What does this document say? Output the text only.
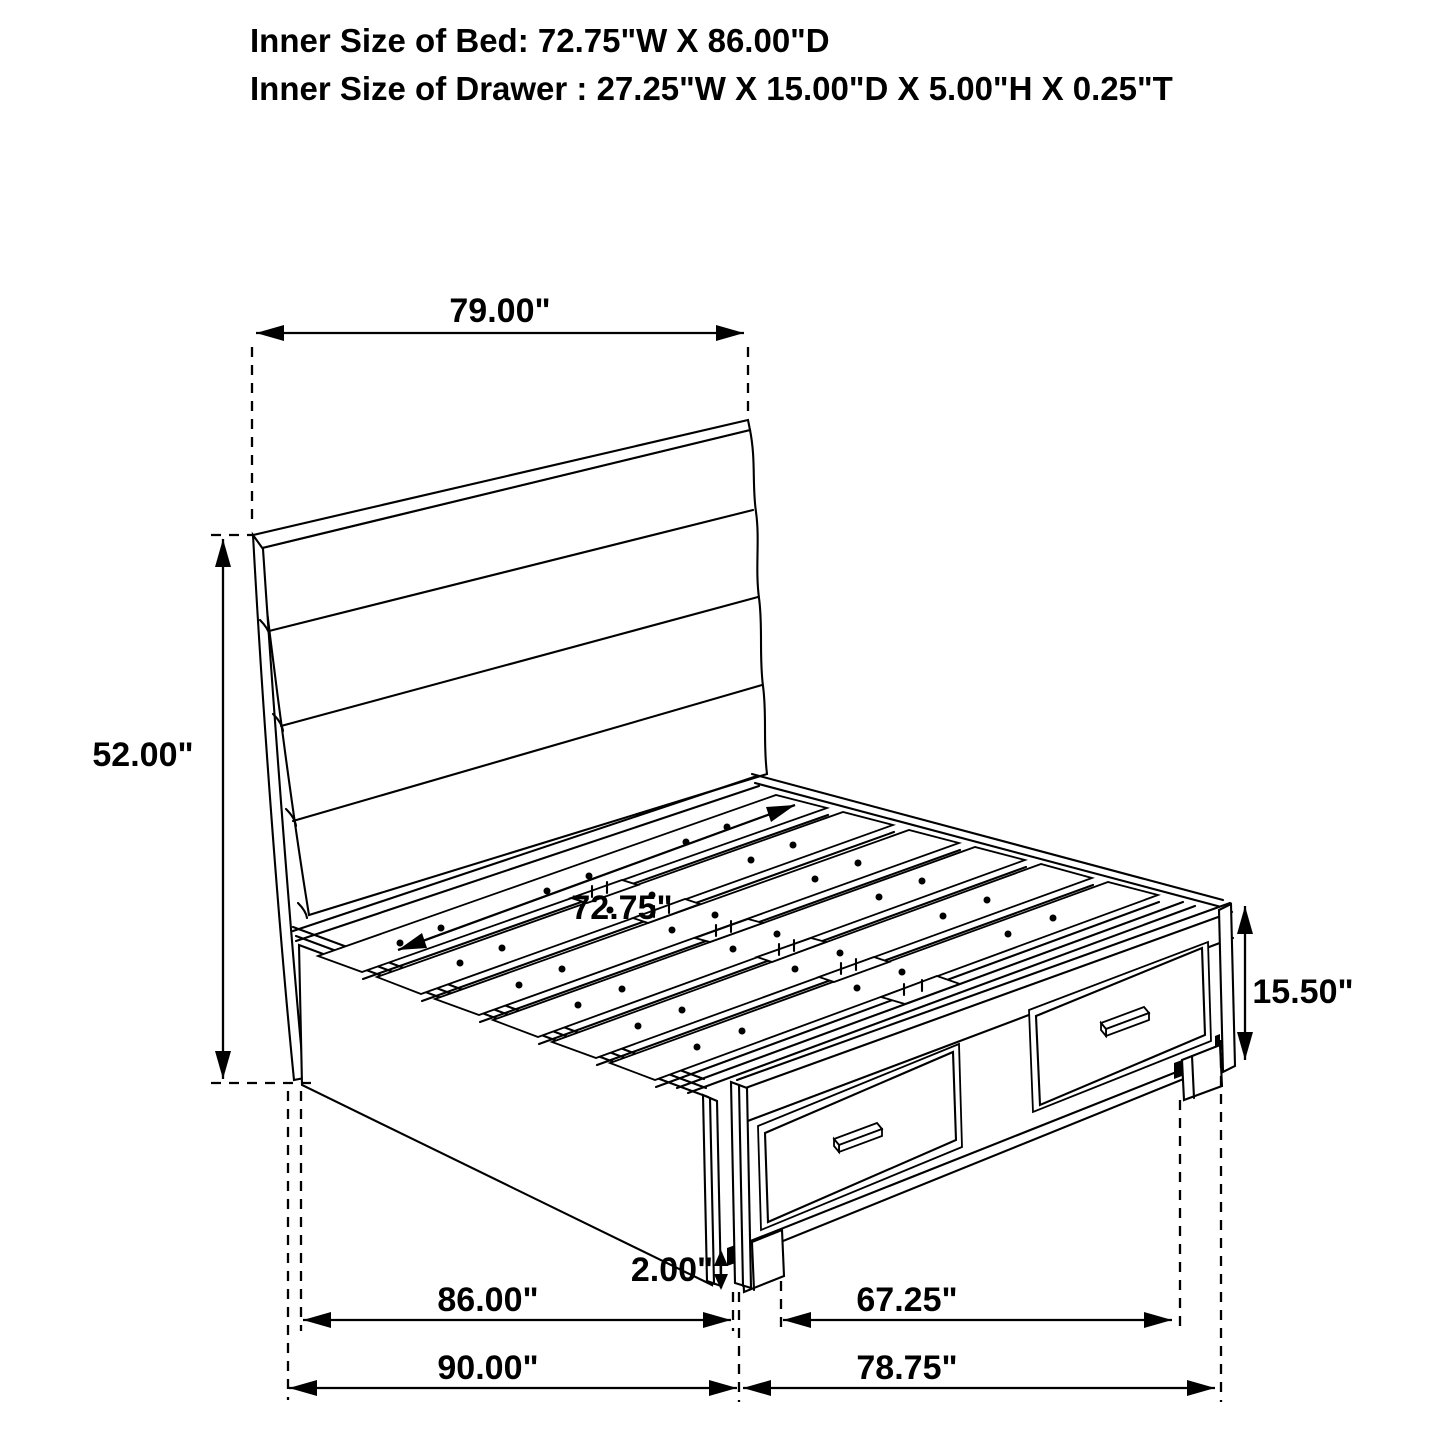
79.00"
52.00"
72.75"
15.50"
2.00"
86.00"	67.25"
90.00"	78.75"
Inner Size of Bed: 72.75"W X 86.00"D
Inner Size of Drawer : 27.25"W X 15.00"D X 5.00"H X 0.25"T
